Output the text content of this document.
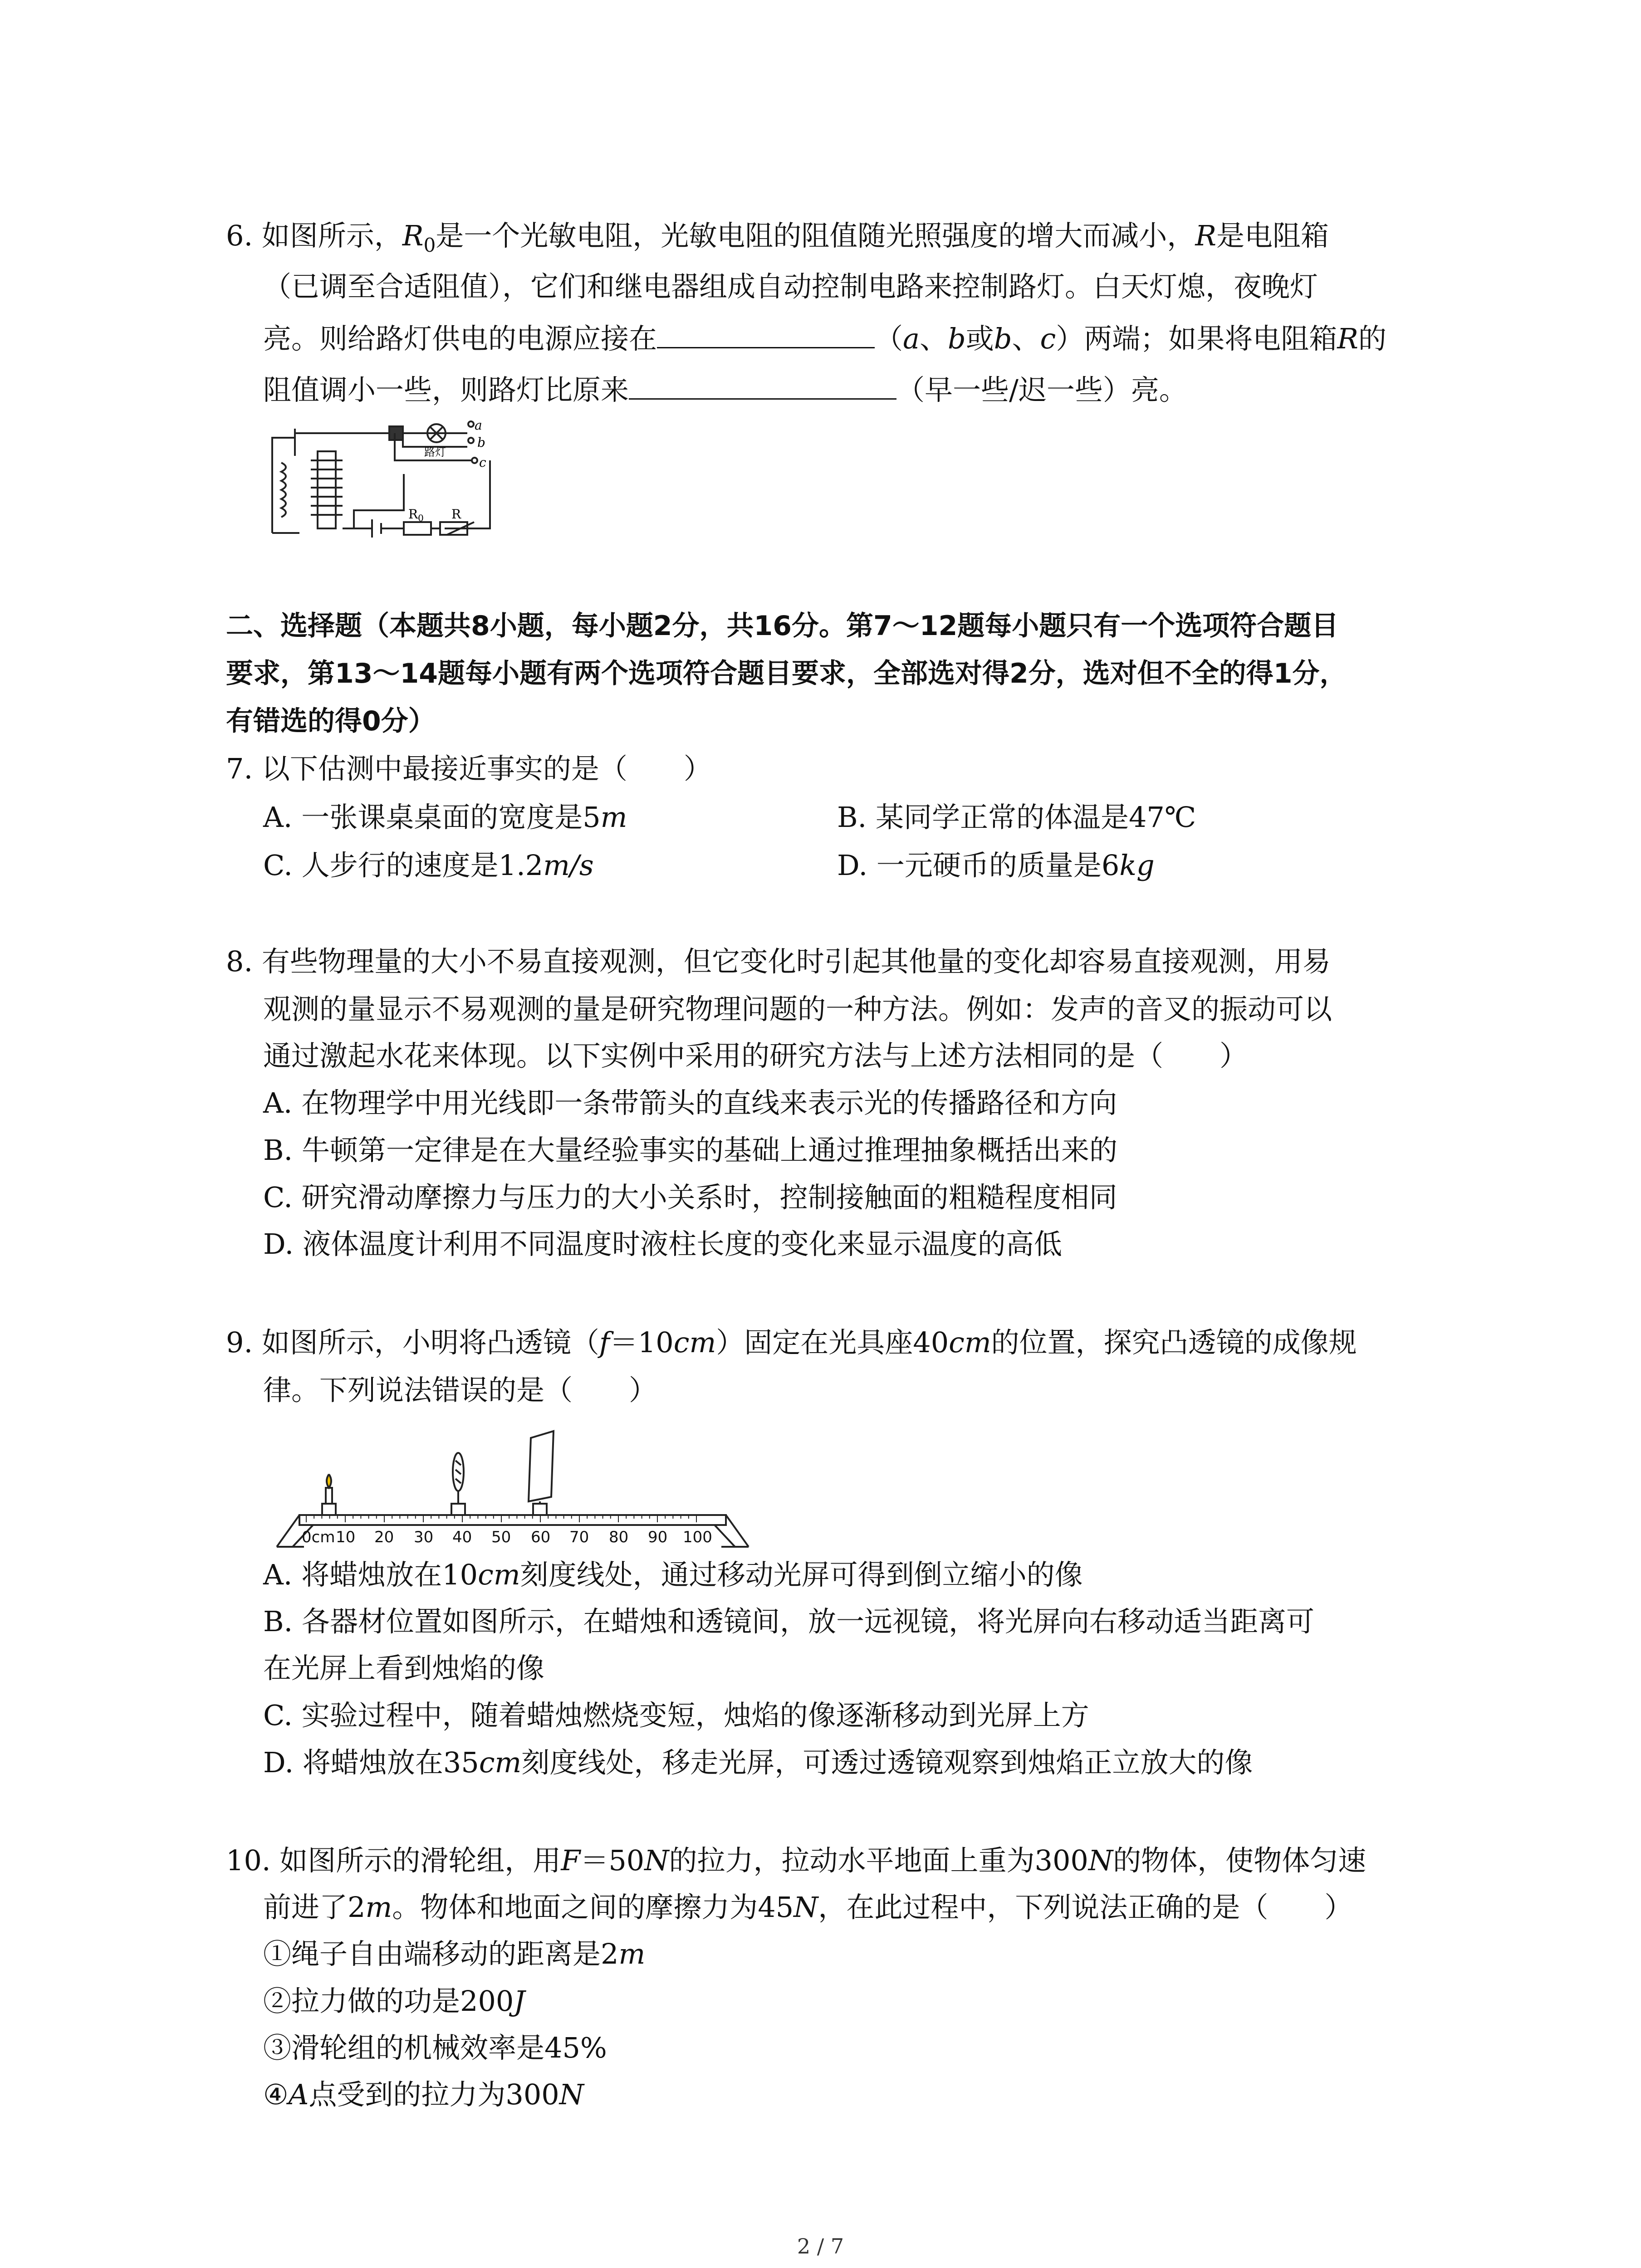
6. 如图所示，$R_0$是一个光敏电阻，光敏电阻的阻值随光照强度的增大而减小，R是电阻箱
（已调至合适阻值），它们和继电器组成自动控制电路来控制路灯。白天灯熄，夜晚灯
亮。则给路灯供电的电源应接在	（a、b或b、c）两端；如果将电阻箱R的
阻值调小一些，则路灯比原来	（早一些/迟一些）亮。
a
b
c
路灯
$R_0$ R
二、选择题（本题共8小题，每小题2分，共16分。第7～12题每小题只有一个选项符合题目
要求，第13～14题每小题有两个选项符合题目要求，全部选对得2分，选对但不全的得1分，
有错选的得0分）
7. 以下估测中最接近事实的是（　　）
A. 一张课桌桌面的宽度是5m	B. 某同学正常的体温是47℃
C. 人步行的速度是1.2m/s	D. 一元硬币的质量是6kg
8. 有些物理量的大小不易直接观测，但它变化时引起其他量的变化却容易直接观测，用易
观测的量显示不易观测的量是研究物理问题的一种方法。例如：发声的音叉的振动可以
通过激起水花来体现。以下实例中采用的研究方法与上述方法相同的是（　　）
A. 在物理学中用光线即一条带箭头的直线来表示光的传播路径和方向
B. 牛顿第一定律是在大量经验事实的基础上通过推理抽象概括出来的
C. 研究滑动摩擦力与压力的大小关系时，控制接触面的粗糙程度相同
D. 液体温度计利用不同温度时液柱长度的变化来显示温度的高低
9. 如图所示，小明将凸透镜（f＝10cm）固定在光具座40cm的位置，探究凸透镜的成像规
律。下列说法错误的是（　　）
0cm 10 20 30 40 50 60 70 80 90 100
A. 将蜡烛放在10cm刻度线处，通过移动光屏可得到倒立缩小的像
B. 各器材位置如图所示，在蜡烛和透镜间，放一远视镜，将光屏向右移动适当距离可
在光屏上看到烛焰的像
C. 实验过程中，随着蜡烛燃烧变短，烛焰的像逐渐移动到光屏上方
D. 将蜡烛放在35cm刻度线处，移走光屏，可透过透镜观察到烛焰正立放大的像
10. 如图所示的滑轮组，用F＝50N的拉力，拉动水平地面上重为300N的物体，使物体匀速
前进了2m。物体和地面之间的摩擦力为45N，在此过程中，下列说法正确的是（　　）
①绳子自由端移动的距离是2m
②拉力做的功是200J
③滑轮组的机械效率是45%
④A点受到的拉力为300N
2 / 7
